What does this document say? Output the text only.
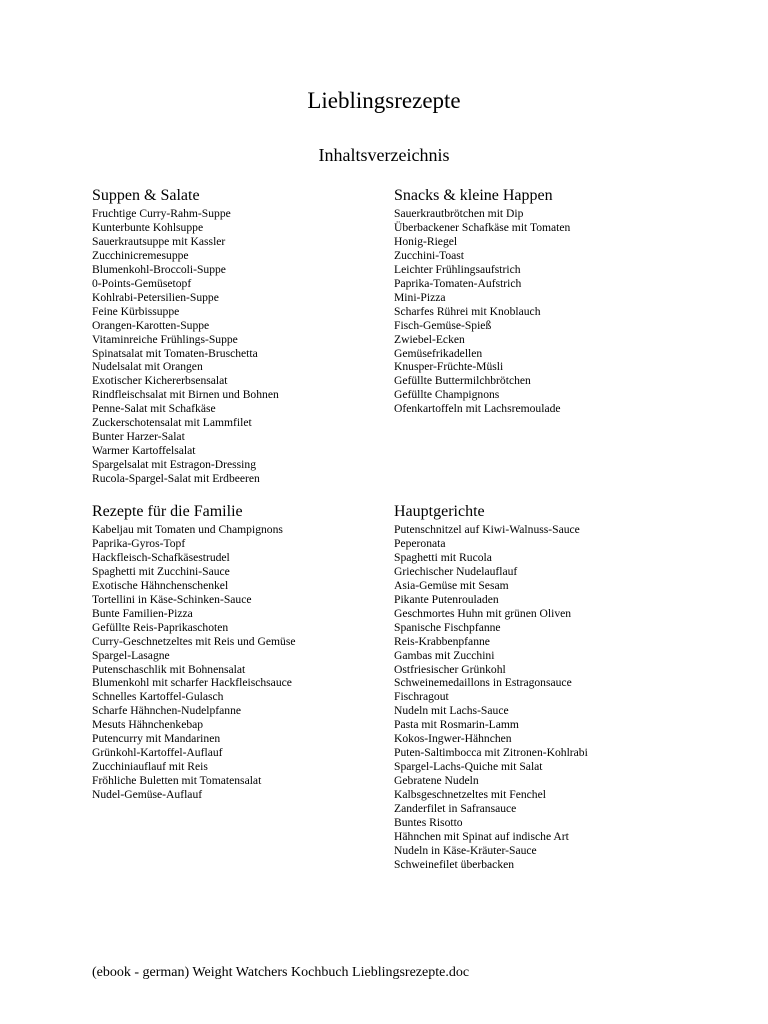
Lieblingsrezepte
Inhaltsverzeichnis
Suppen & Salate
Fruchtige Curry-Rahm-Suppe
Kunterbunte Kohlsuppe
Sauerkrautsuppe mit Kassler
Zucchinicremesuppe
Blumenkohl-Broccoli-Suppe
0-Points-Gemüsetopf
Kohlrabi-Petersilien-Suppe
Feine Kürbissuppe
Orangen-Karotten-Suppe
Vitaminreiche Frühlings-Suppe
Spinatsalat mit Tomaten-Bruschetta
Nudelsalat mit Orangen
Exotischer Kichererbsensalat
Rindfleischsalat mit Birnen und Bohnen
Penne-Salat mit Schafkäse
Zuckerschotensalat mit Lammfilet
Bunter Harzer-Salat
Warmer Kartoffelsalat
Spargelsalat mit Estragon-Dressing
Rucola-Spargel-Salat mit Erdbeeren
Snacks & kleine Happen
Sauerkrautbrötchen mit Dip
Überbackener Schafkäse mit Tomaten
Honig-Riegel
Zucchini-Toast
Leichter Frühlingsaufstrich
Paprika-Tomaten-Aufstrich
Mini-Pizza
Scharfes Rührei mit Knoblauch
Fisch-Gemüse-Spieß
Zwiebel-Ecken
Gemüsefrikadellen
Knusper-Früchte-Müsli
Gefüllte Buttermilchbrötchen
Gefüllte Champignons
Ofenkartoffeln mit Lachsremoulade
Rezepte für die Familie
Kabeljau mit Tomaten und Champignons
Paprika-Gyros-Topf
Hackfleisch-Schafkäsestrudel
Spaghetti mit Zucchini-Sauce
Exotische Hähnchenschenkel
Tortellini in Käse-Schinken-Sauce
Bunte Familien-Pizza
Gefüllte Reis-Paprikaschoten
Curry-Geschnetzeltes mit Reis und Gemüse
Spargel-Lasagne
Putenschaschlik mit Bohnensalat
Blumenkohl mit scharfer Hackfleischsauce
Schnelles Kartoffel-Gulasch
Scharfe Hähnchen-Nudelpfanne
Mesuts Hähnchenkebap
Putencurry mit Mandarinen
Grünkohl-Kartoffel-Auflauf
Zucchiniauflauf mit Reis
Fröhliche Buletten mit Tomatensalat
Nudel-Gemüse-Auflauf
Hauptgerichte
Putenschnitzel auf Kiwi-Walnuss-Sauce
Peperonata
Spaghetti mit Rucola
Griechischer Nudelauflauf
Asia-Gemüse mit Sesam
Pikante Putenrouladen
Geschmortes Huhn mit grünen Oliven
Spanische Fischpfanne
Reis-Krabbenpfanne
Gambas mit Zucchini
Ostfriesischer Grünkohl
Schweinemedaillons in Estragonsauce
Fischragout
Nudeln mit Lachs-Sauce
Pasta mit Rosmarin-Lamm
Kokos-Ingwer-Hähnchen
Puten-Saltimbocca mit Zitronen-Kohlrabi
Spargel-Lachs-Quiche mit Salat
Gebratene Nudeln
Kalbsgeschnetzeltes mit Fenchel
Zanderfilet in Safransauce
Buntes Risotto
Hähnchen mit Spinat auf indische Art
Nudeln in Käse-Kräuter-Sauce
Schweinefilet überbacken
(ebook - german) Weight Watchers Kochbuch Lieblingsrezepte.doc
